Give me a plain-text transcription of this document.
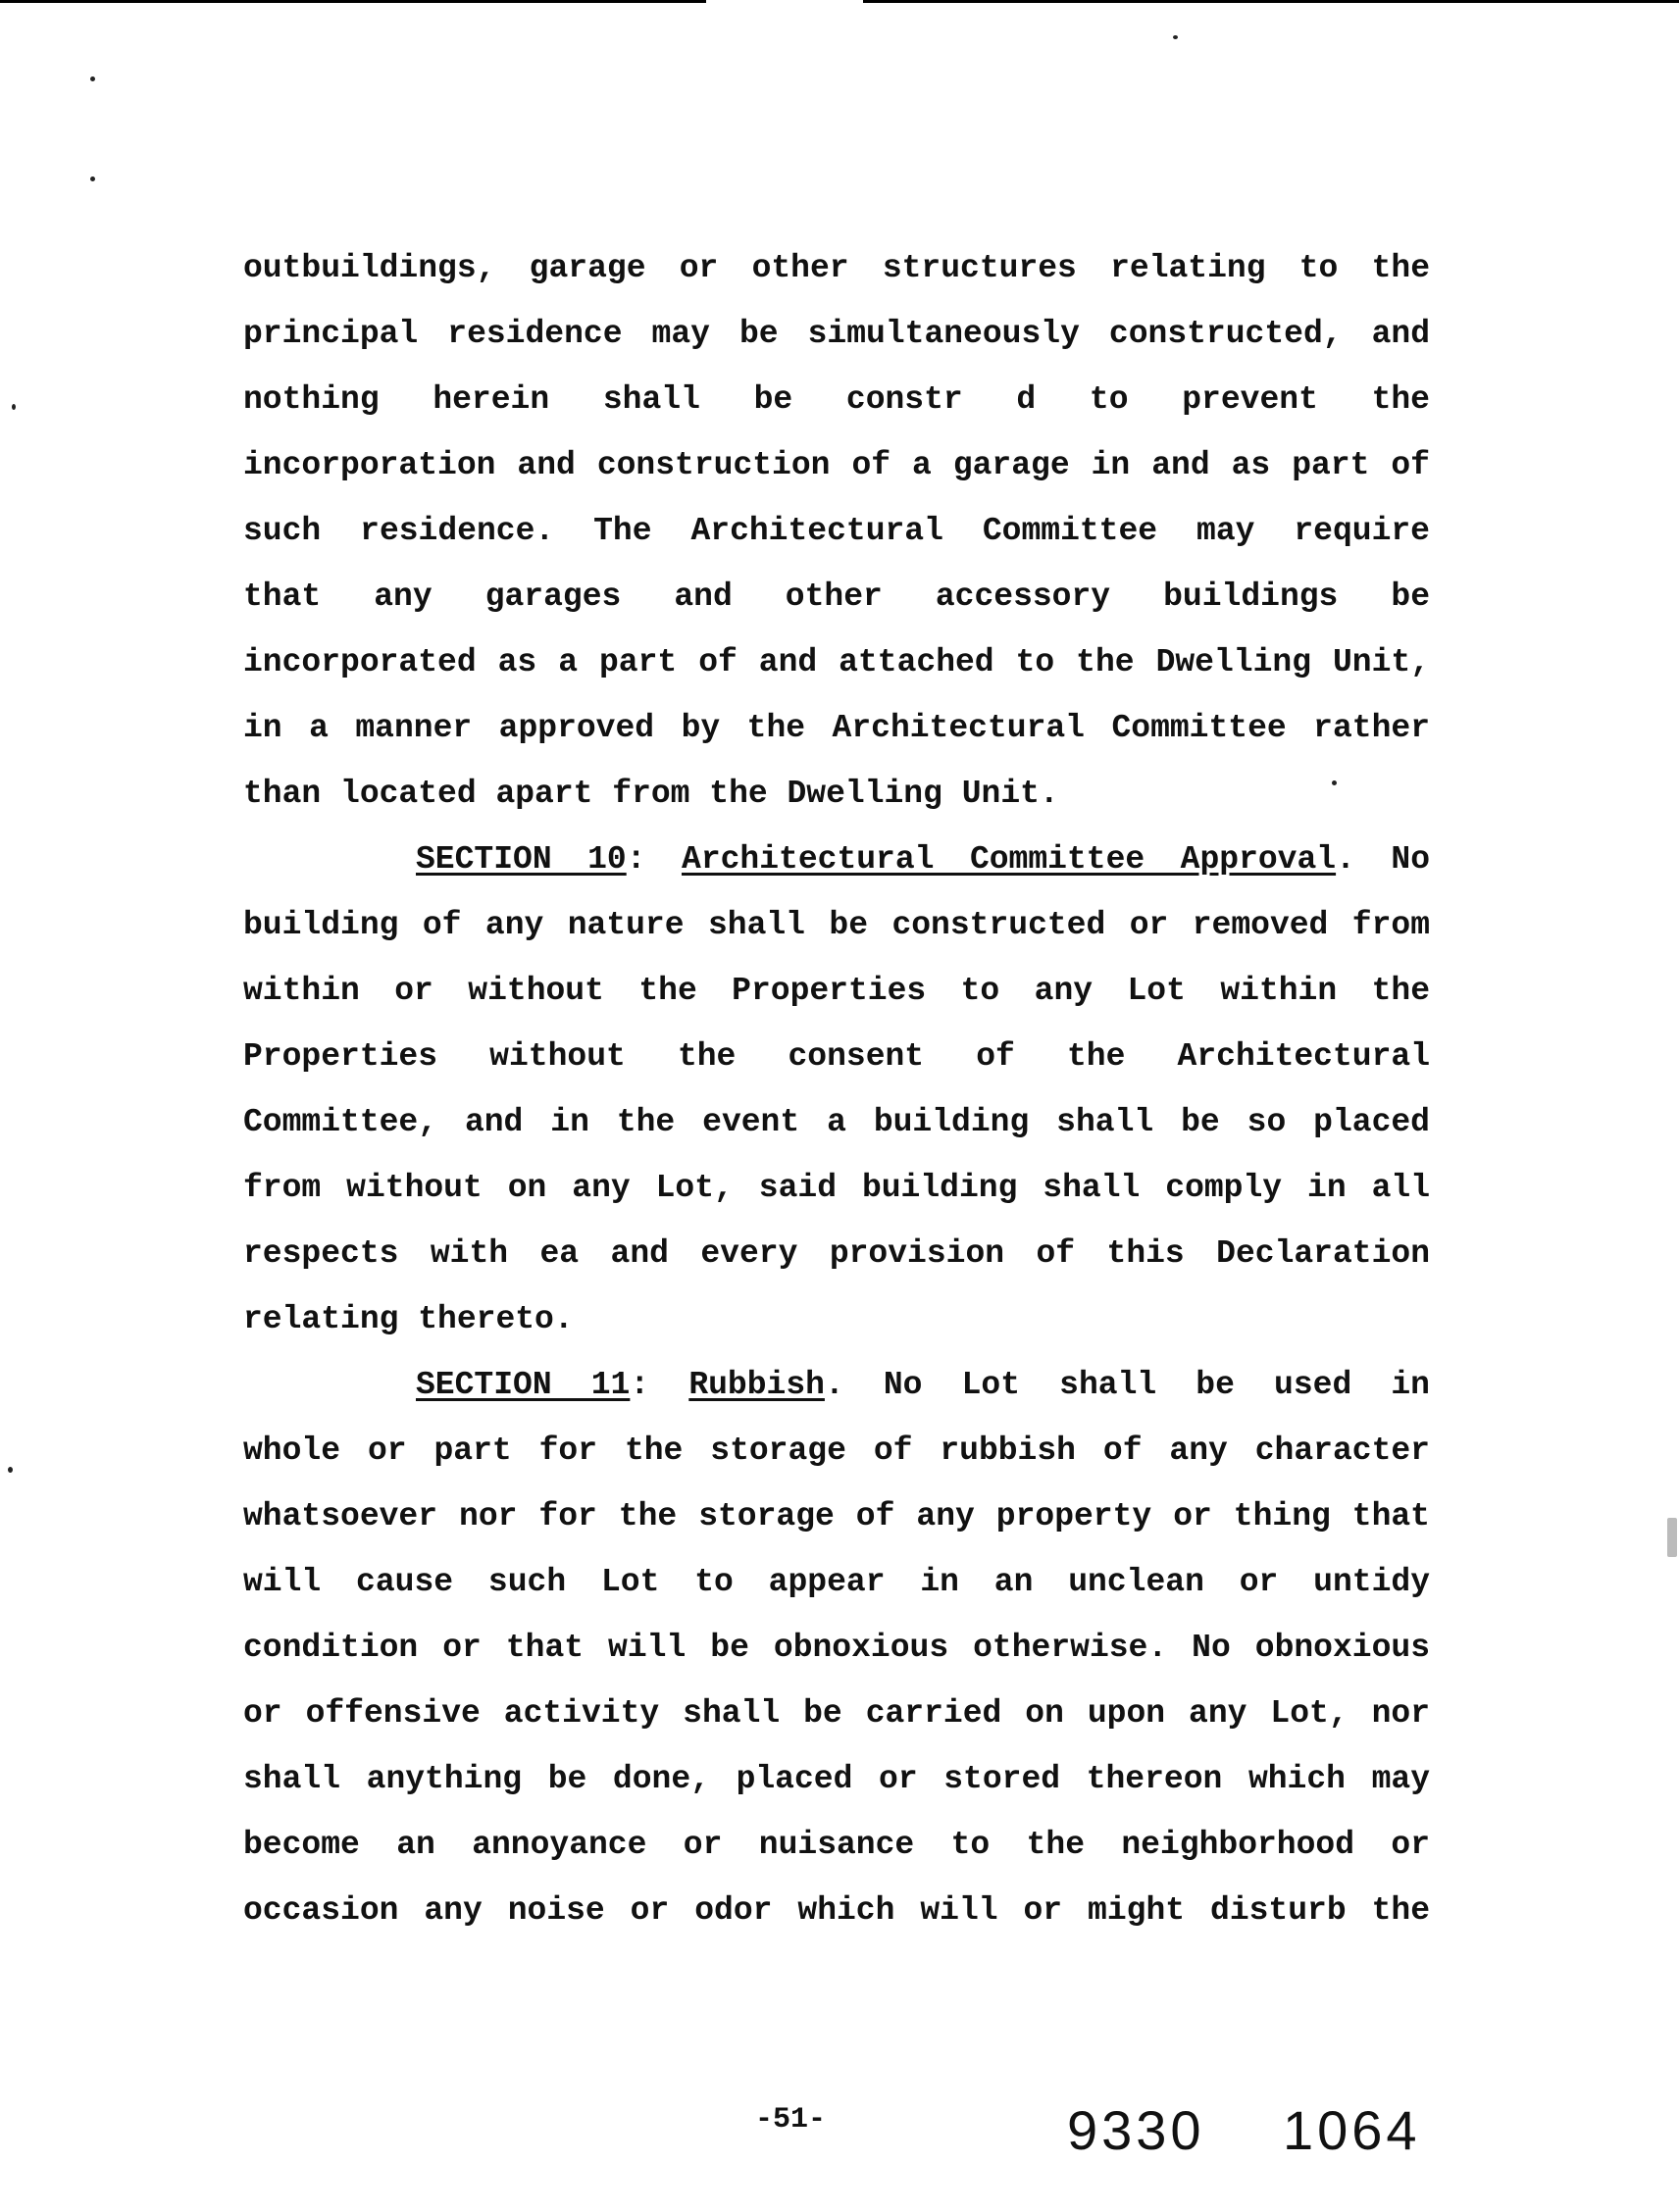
outbuildings, garage or other structures relating to the
principal residence may be simultaneously constructed, and
nothing herein shall be constr d to prevent the
incorporation and construction of a garage in and as part of
such residence. The Architectural Committee may require
that any garages and other accessory buildings be
incorporated as a part of and attached to the Dwelling Unit,
in a manner approved by the Architectural Committee rather
than located apart from the Dwelling Unit.
SECTION 10: Architectural Committee Approval. No
building of any nature shall be constructed or removed from
within or without the Properties to any Lot within the
Properties without the consent of the Architectural
Committee, and in the event a building shall be so placed
from without on any Lot, said building shall comply in all
respects with ea and every provision of this Declaration
relating thereto.
SECTION 11: Rubbish. No Lot shall be used in
whole or part for the storage of rubbish of any character
whatsoever nor for the storage of any property or thing that
will cause such Lot to appear in an unclean or untidy
condition or that will be obnoxious otherwise. No obnoxious
or offensive activity shall be carried on upon any Lot, nor
shall anything be done, placed or stored thereon which may
become an annoyance or nuisance to the neighborhood or
occasion any noise or odor which will or might disturb the
-51-	9330 1064
